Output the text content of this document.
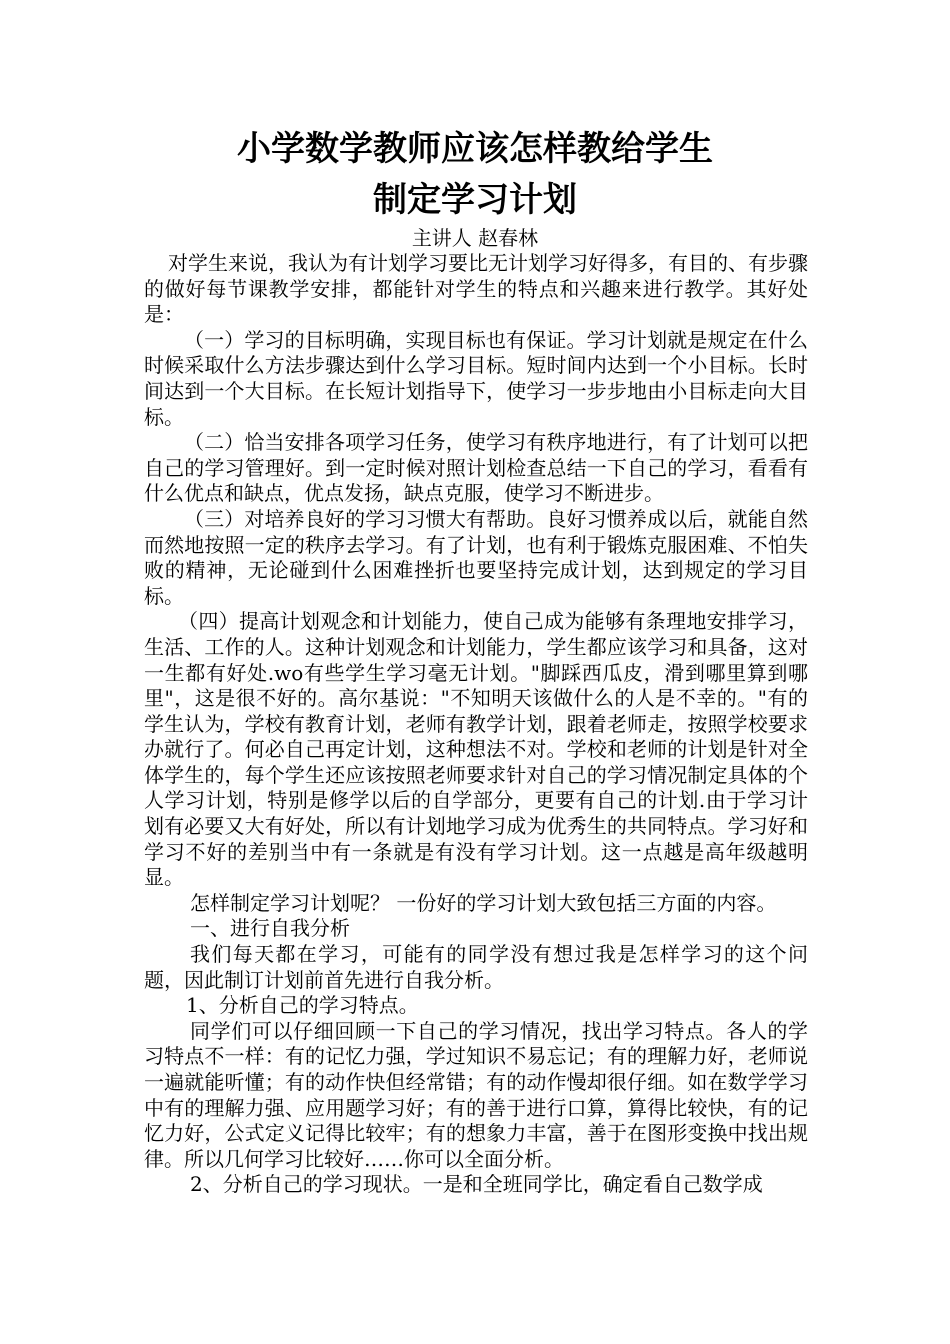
小学数学教师应该怎样教给学生
制定学习计划
主讲人 赵春林

对学生来说，我认为有计划学习要比无计划学习好得多，有目的、有步骤的做好每节课教学安排，都能针对学生的特点和兴趣来进行教学。其好处是：

（一）学习的目标明确，实现目标也有保证。学习计划就是规定在什么时候采取什么方法步骤达到什么学习目标。短时间内达到一个小目标。长时间达到一个大目标。在长短计划指导下，使学习一步步地由小目标走向大目标。

（二）恰当安排各项学习任务，使学习有秩序地进行，有了计划可以把自己的学习管理好。到一定时候对照计划检查总结一下自己的学习，看看有什么优点和缺点，优点发扬，缺点克服，使学习不断进步。

（三）对培养良好的学习习惯大有帮助。良好习惯养成以后，就能自然而然地按照一定的秩序去学习。有了计划，也有利于锻炼克服困难、不怕失败的精神，无论碰到什么困难挫折也要坚持完成计划，达到规定的学习目标。

（四）提高计划观念和计划能力，使自己成为能够有条理地安排学习，生活、工作的人。这种计划观念和计划能力，学生都应该学习和具备，这对一生都有好处.wo有些学生学习毫无计划。"脚踩西瓜皮，滑到哪里算到哪里"，这是很不好的。高尔基说："不知明天该做什么的人是不幸的。"有的学生认为，学校有教育计划，老师有教学计划，跟着老师走，按照学校要求办就行了。何必自己再定计划，这种想法不对。学校和老师的计划是针对全体学生的，每个学生还应该按照老师要求针对自己的学习情况制定具体的个人学习计划，特别是修学以后的自学部分，更要有自己的计划.由于学习计划有必要又大有好处，所以有计划地学习成为优秀生的共同特点。学习好和学习不好的差别当中有一条就是有没有学习计划。这一点越是高年级越明显。

怎样制定学习计划呢？ 一份好的学习计划大致包括三方面的内容。

一、进行自我分析

我们每天都在学习，可能有的同学没有想过我是怎样学习的这个问题，因此制订计划前首先进行自我分析。

1、分析自己的学习特点。

同学们可以仔细回顾一下自己的学习情况，找出学习特点。各人的学习特点不一样：有的记忆力强，学过知识不易忘记；有的理解力好，老师说一遍就能听懂；有的动作快但经常错；有的动作慢却很仔细。如在数学学习中有的理解力强、应用题学习好；有的善于进行口算，算得比较快，有的记忆力好，公式定义记得比较牢；有的想象力丰富，善于在图形变换中找出规律。所以几何学习比较好……你可以全面分析。

2、分析自己的学习现状。一是和全班同学比，确定看自己数学成
